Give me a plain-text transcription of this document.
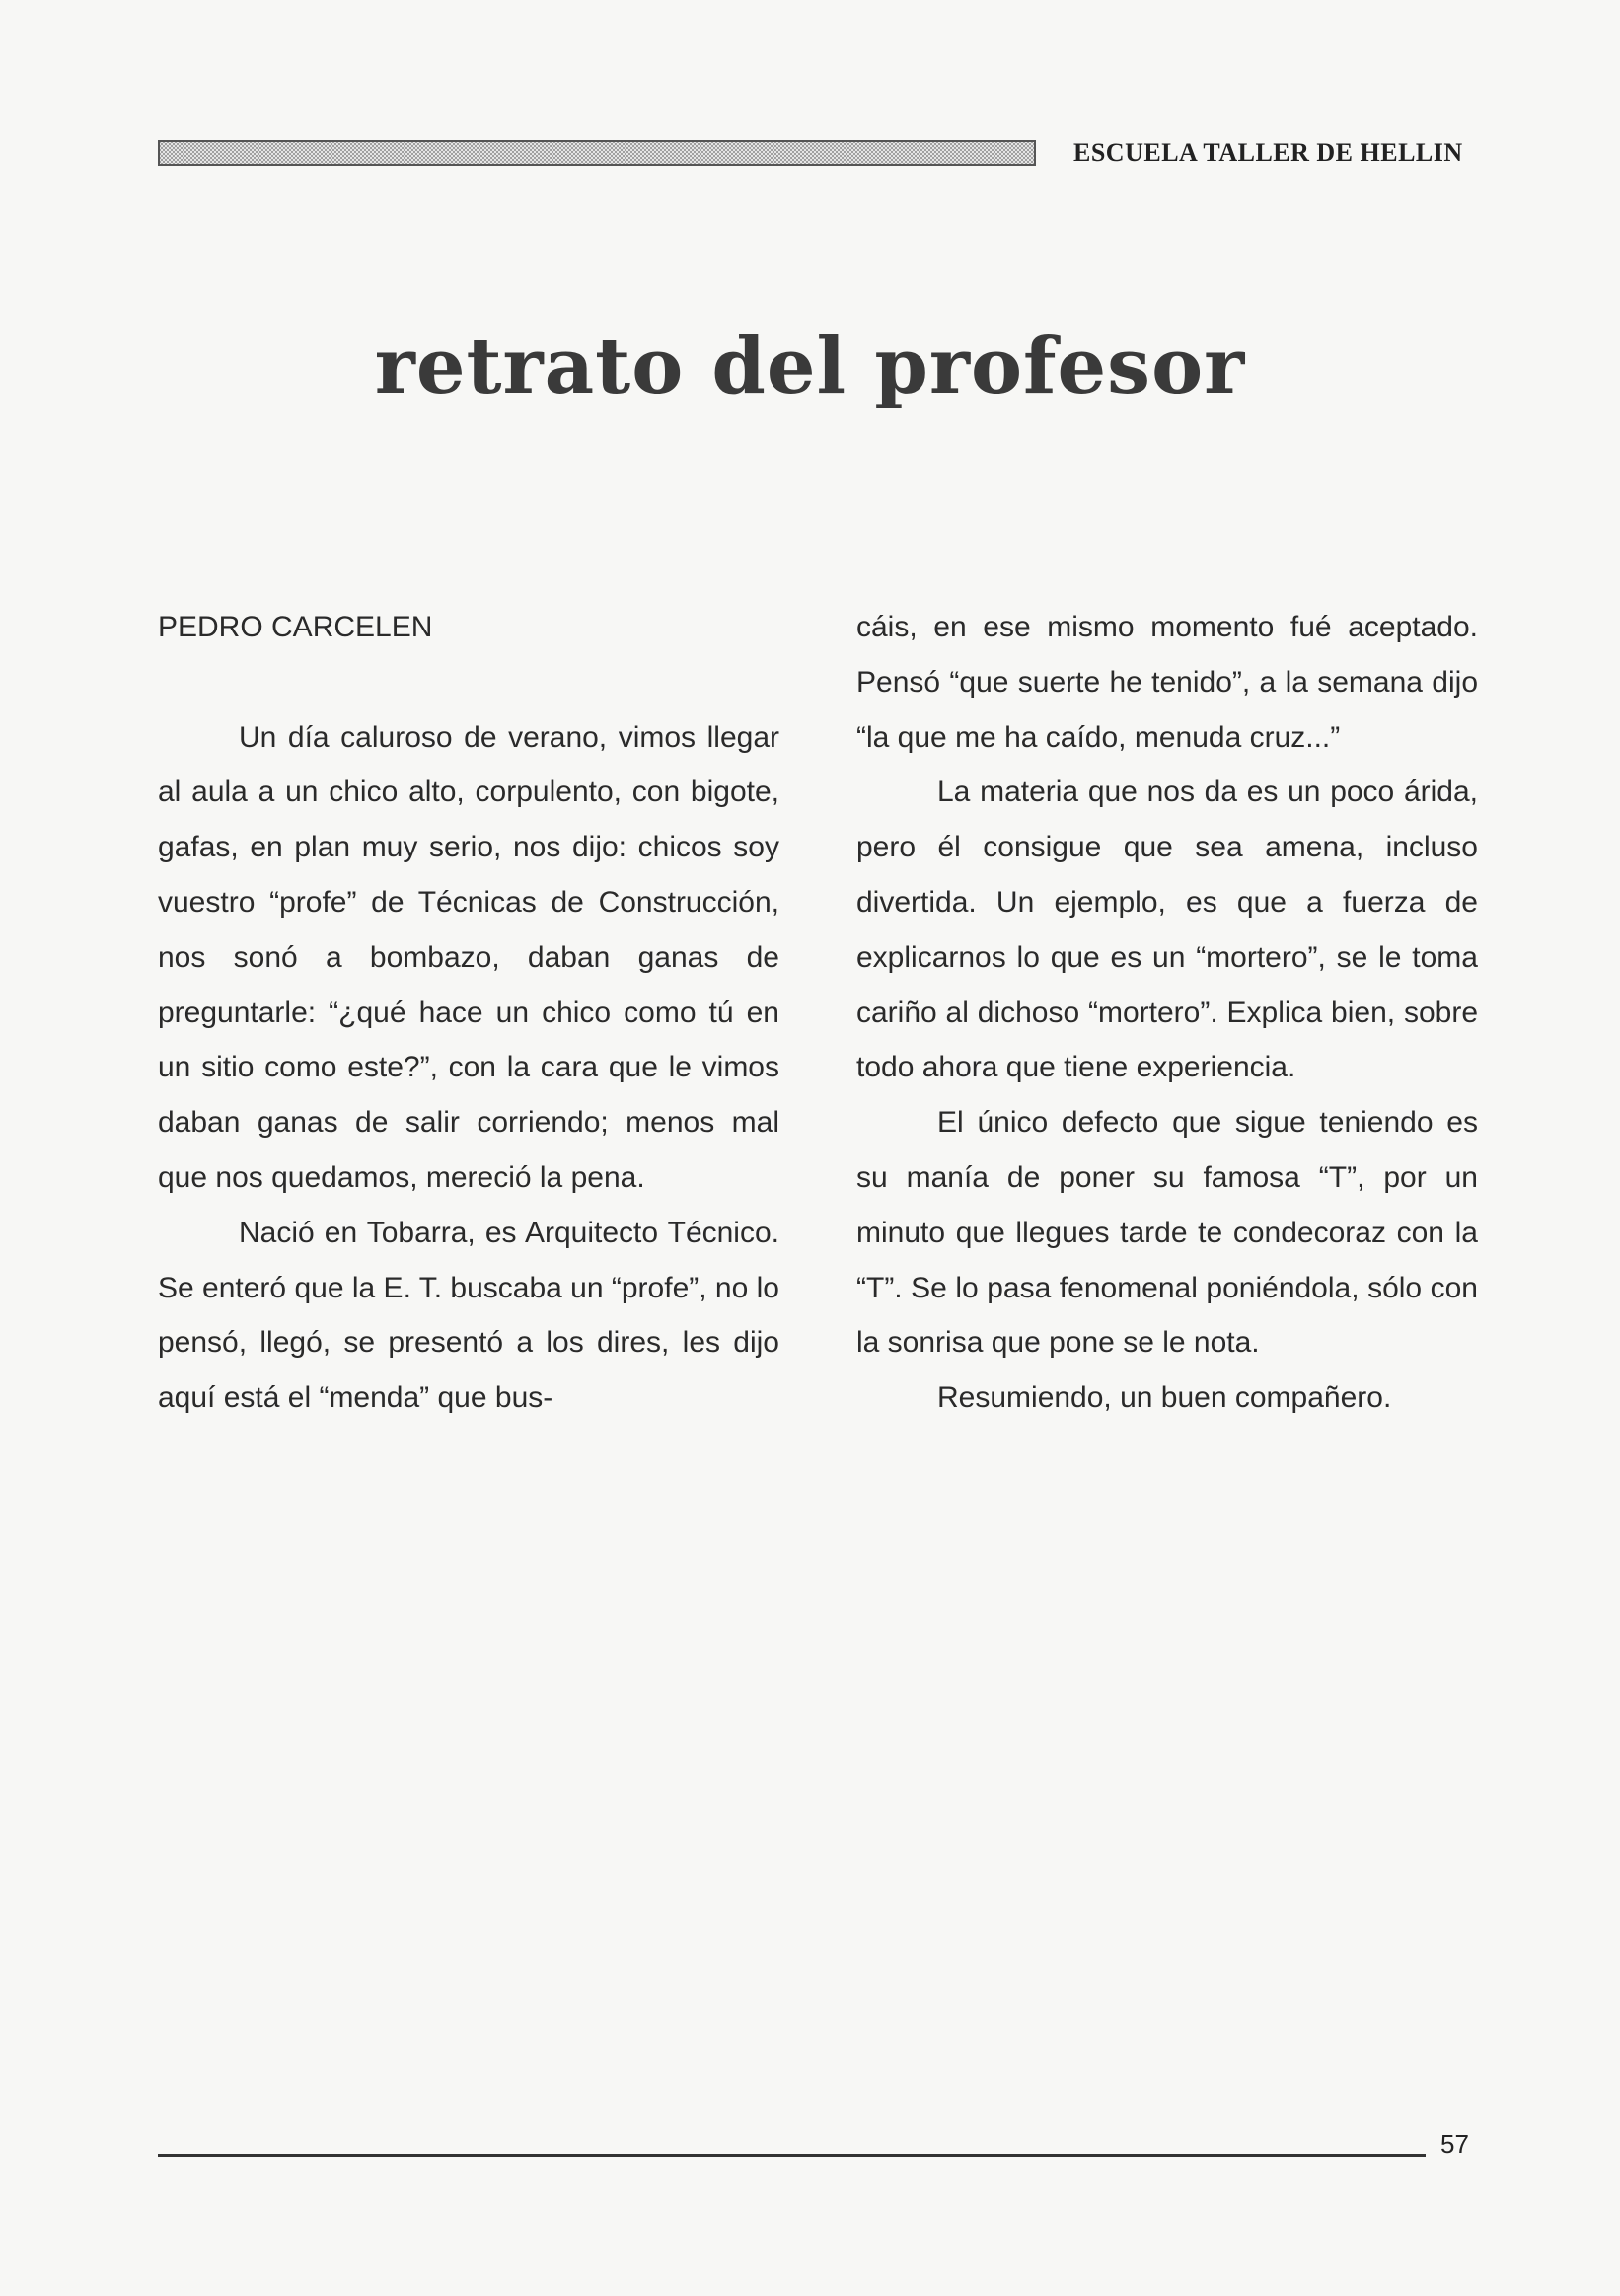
ESCUELA TALLER DE HELLIN
retrato del profesor

PEDRO CARCELEN

Un día caluroso de verano, vimos llegar al aula a un chico alto, corpulento, con bigote, gafas, en plan muy serio, nos dijo: chicos soy vuestro “profe” de Técnicas de Construcción, nos sonó a bombazo, daban ganas de preguntarle: “¿qué hace un chico como tú en un sitio como este?”, con la cara que le vimos daban ganas de salir corriendo; menos mal que nos quedamos, mereció la pena.

Nació en Tobarra, es Arquitecto Técnico. Se enteró que la E. T. buscaba un “profe”, no lo pensó, llegó, se presentó a los dires, les dijo aquí está el “menda” que bus-

cáis, en ese mismo momento fué aceptado. Pensó “que suerte he tenido”, a la semana dijo “la que me ha caído, menuda cruz...”

La materia que nos da es un poco árida, pero él consigue que sea amena, incluso divertida. Un ejemplo, es que a fuerza de explicarnos lo que es un “mortero”, se le toma cariño al dichoso “mortero”. Explica bien, sobre todo ahora que tiene experiencia.

El único defecto que sigue teniendo es su manía de poner su famosa “T”, por un minuto que llegues tarde te condecoraz con la “T”. Se lo pasa fenomenal poniéndola, sólo con la sonrisa que pone se le nota.

Resumiendo, un buen compañero.

57
